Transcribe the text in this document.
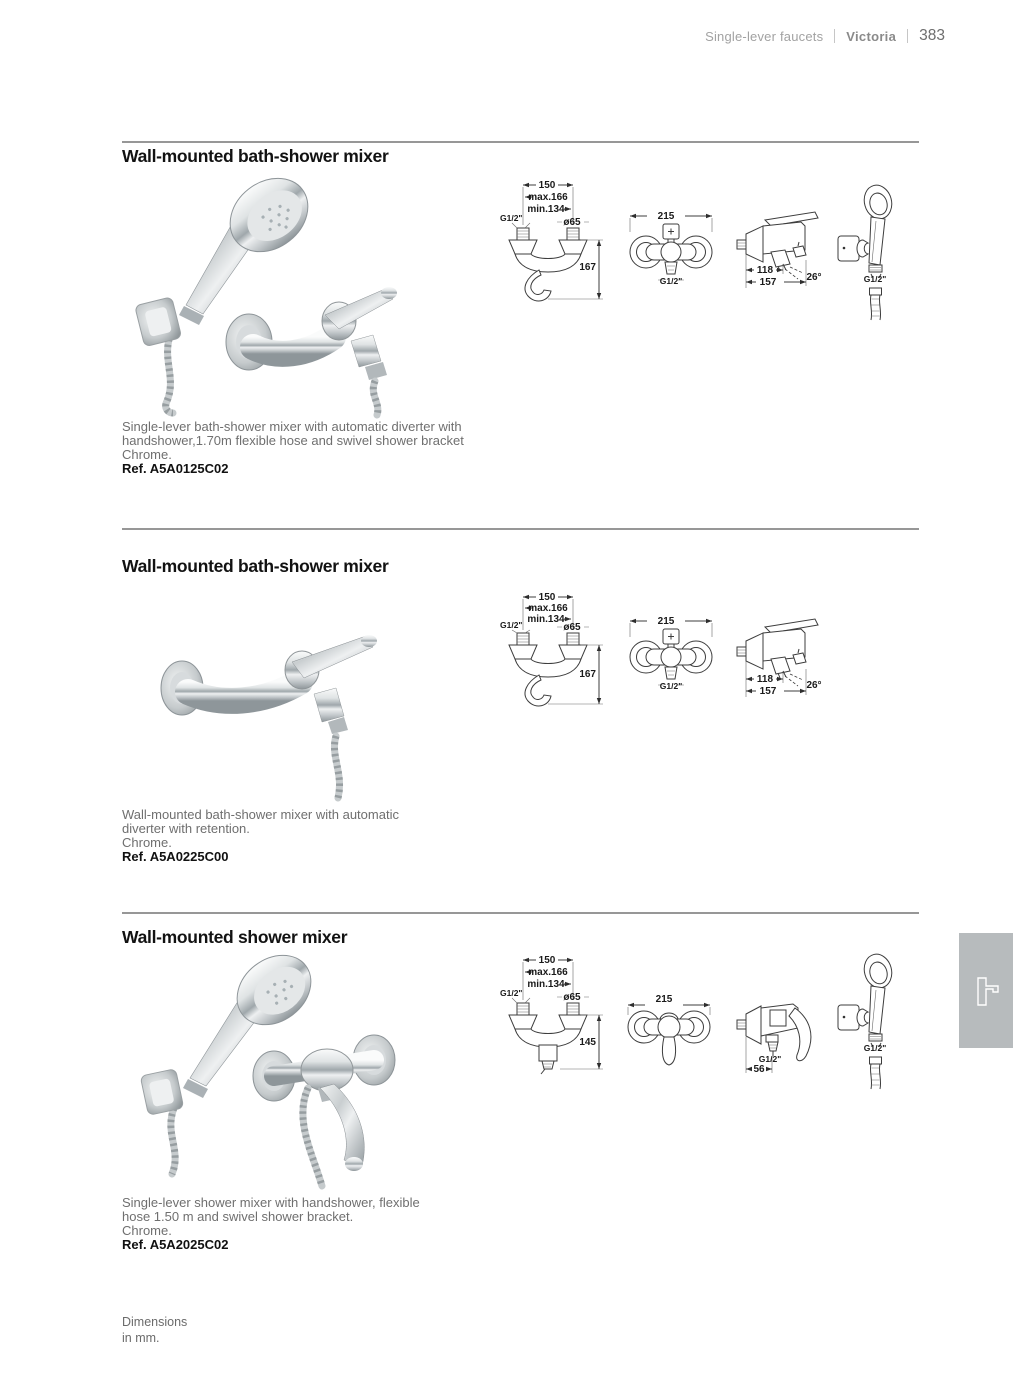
Single-lever faucets Victoria 383
Wall-mounted bath-shower mixer
150
max.166
min.134
G1/2"	ø65
167
215
G1/2"
118
157	26°	G1/2"
Single-lever bath-shower mixer with automatic diverter with
handshower,1.70m flexible hose and swivel shower bracket
Chrome.
Ref. A5A0125C02
Wall-mounted bath-shower mixer
150
max.166
min.134
G1/2"	ø65
167
215
G1/2"
118
157
26°
Wall-mounted bath-shower mixer with automatic
diverter with retention.
Chrome.
Ref. A5A0225C00
Wall-mounted shower mixer
150
max.166
min.134
G1/2"	ø65
145
215
G1/2"
56
G1/2"
Single-lever shower mixer with handshower, flexible
hose 1.50 m and swivel shower bracket.
Chrome.
Ref. A5A2025C02
Dimensions
in mm.
